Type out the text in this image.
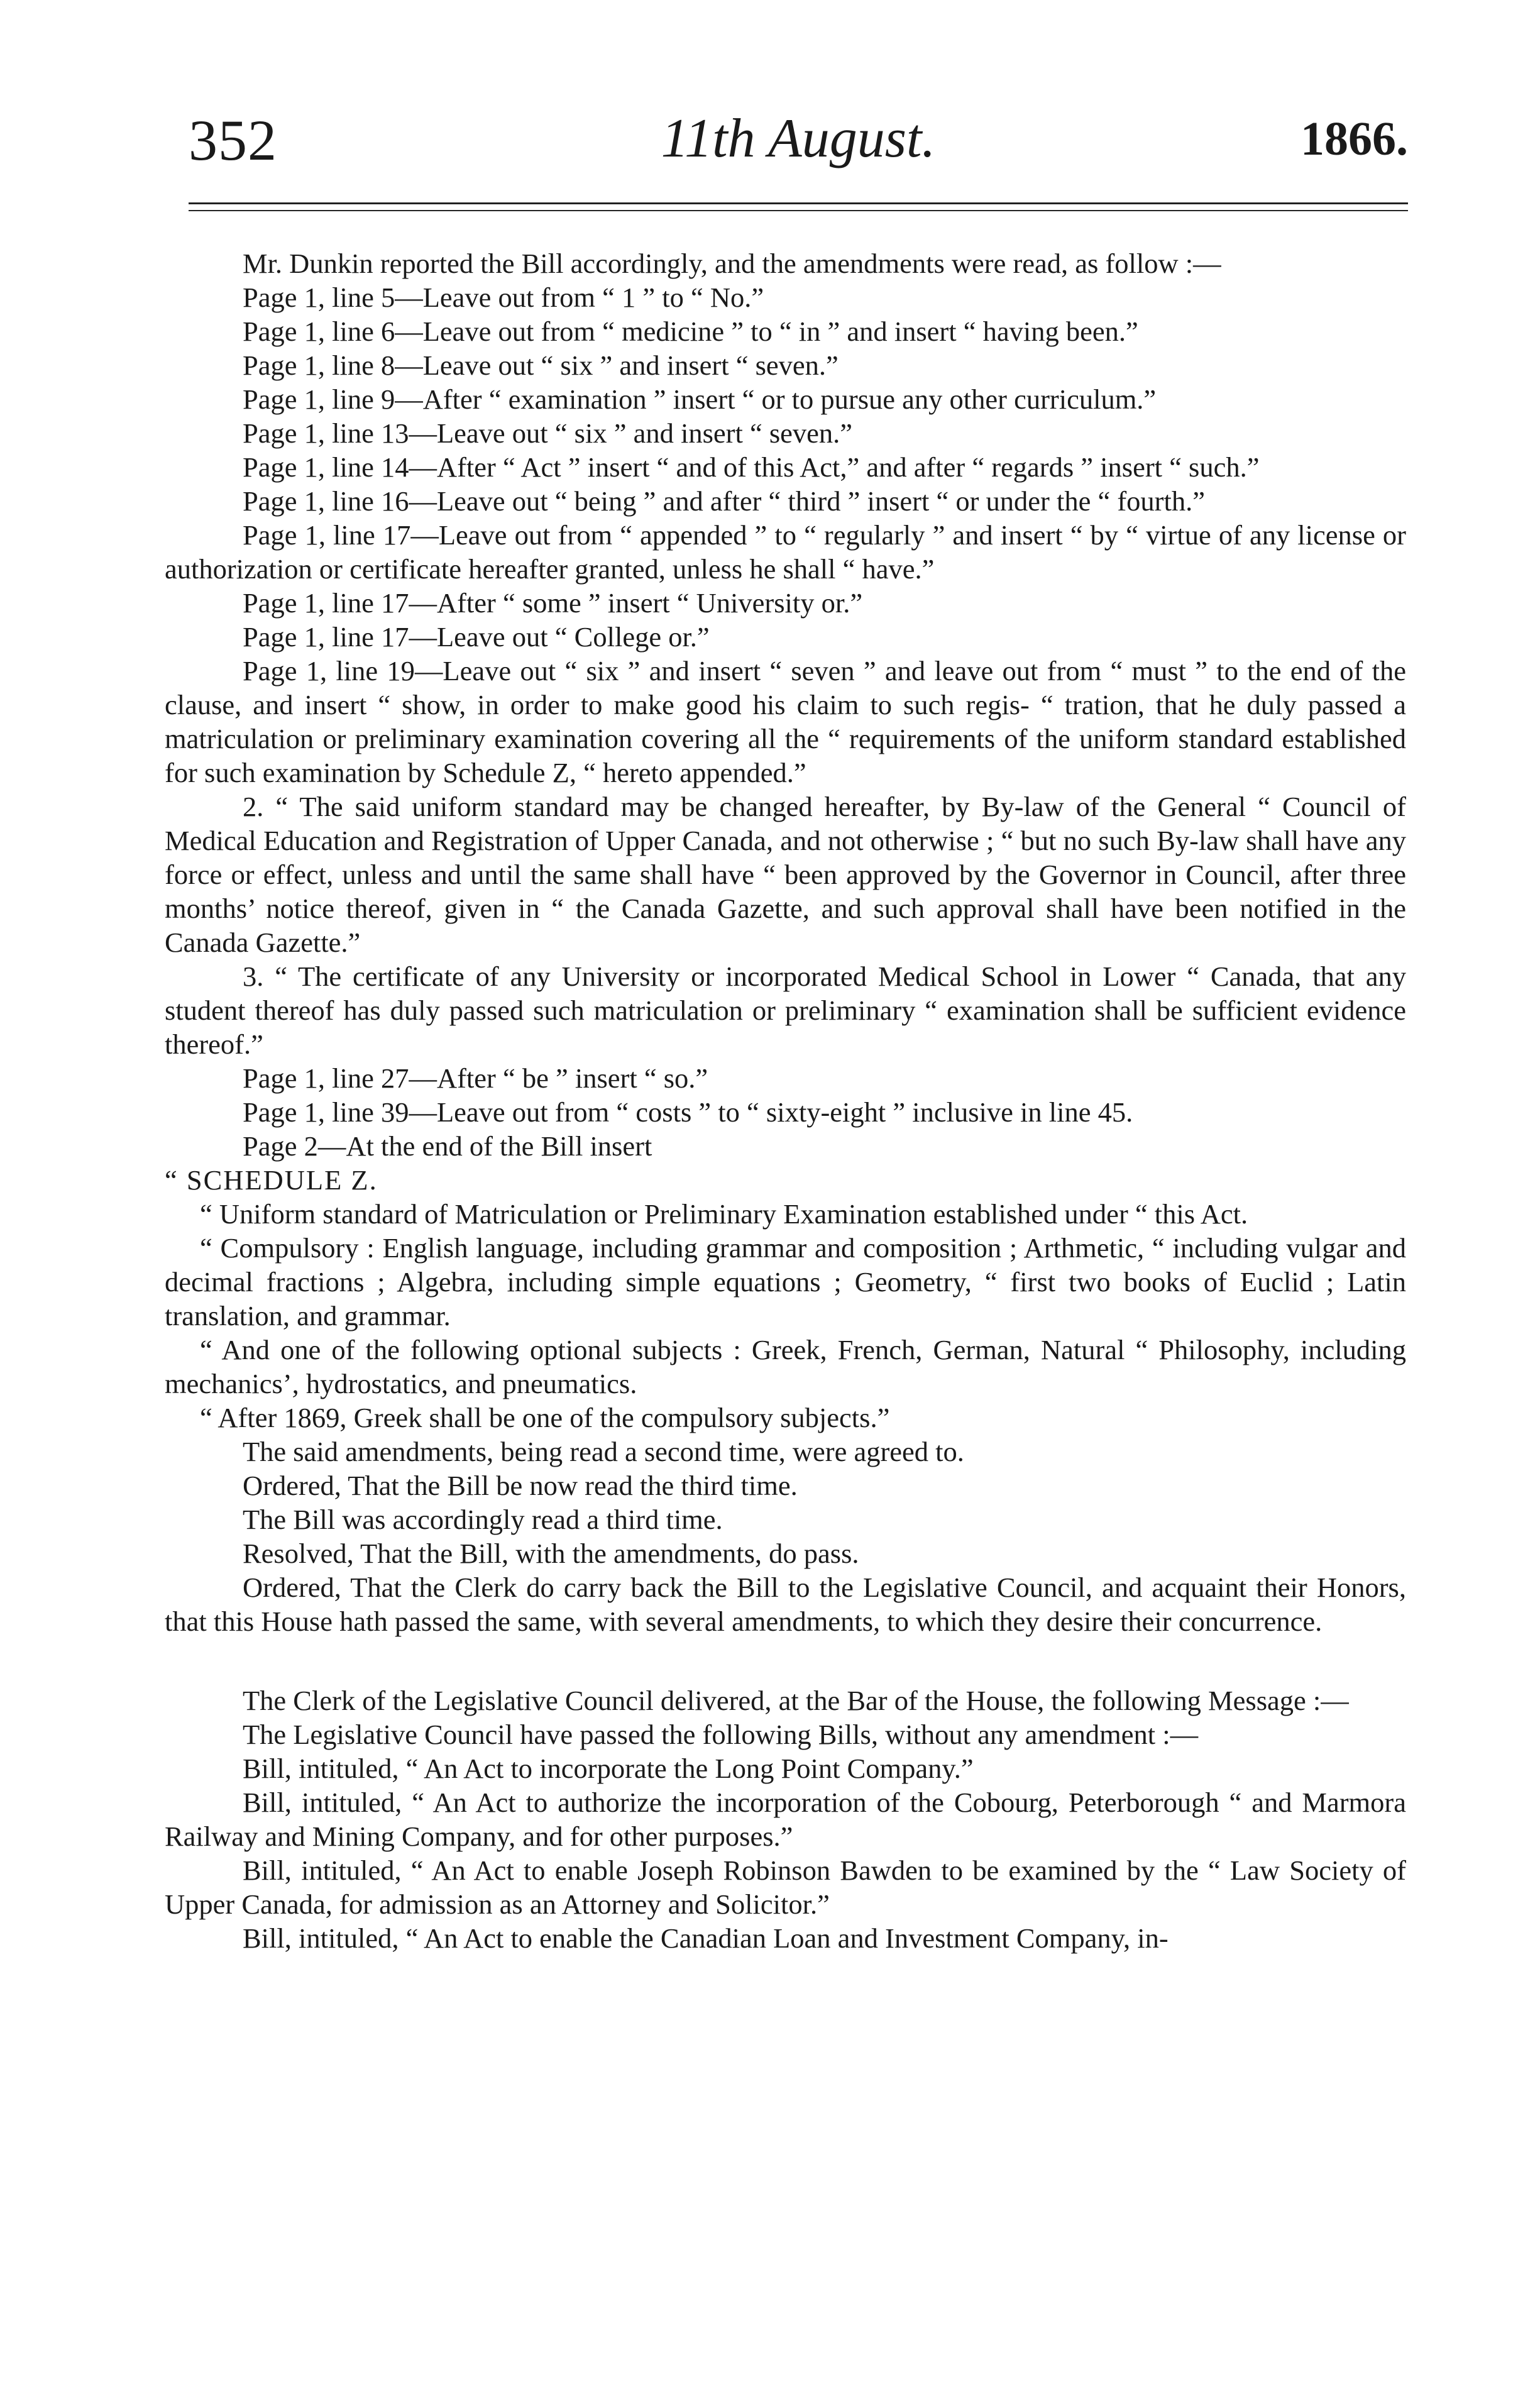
352	11th August.	1866.

Mr. Dunkin reported the Bill accordingly, and the amendments were read, as follow :—

Page 1, line 5—Leave out from “ 1 ” to “ No.”

Page 1, line 6—Leave out from “ medicine ” to “ in ” and insert “ having been.”

Page 1, line 8—Leave out “ six ” and insert “ seven.”

Page 1, line 9—After “ examination ” insert “ or to pursue any other curriculum.”

Page 1, line 13—Leave out “ six ” and insert “ seven.”

Page 1, line 14—After “ Act ” insert “ and of this Act,” and after “ regards ” insert “ such.”

Page 1, line 16—Leave out “ being ” and after “ third ” insert “ or under the “ fourth.”

Page 1, line 17—Leave out from “ appended ” to “ regularly ” and insert “ by “ virtue of any license or authorization or certificate hereafter granted, unless he shall “ have.”

Page 1, line 17—After “ some ” insert “ University or.”

Page 1, line 17—Leave out “ College or.”

Page 1, line 19—Leave out “ six ” and insert “ seven ” and leave out from “ must ” to the end of the clause, and insert “ show, in order to make good his claim to such regis- “ tration, that he duly passed a matriculation or preliminary examination covering all the “ requirements of the uniform standard established for such examination by Schedule Z, “ hereto appended.”

2. “ The said uniform standard may be changed hereafter, by By-law of the General “ Council of Medical Education and Registration of Upper Canada, and not otherwise ; “ but no such By-law shall have any force or effect, unless and until the same shall have “ been approved by the Governor in Council, after three months’ notice thereof, given in “ the Canada Gazette, and such approval shall have been notified in the Canada Gazette.”

3. “ The certificate of any University or incorporated Medical School in Lower “ Canada, that any student thereof has duly passed such matriculation or preliminary “ examination shall be sufficient evidence thereof.”

Page 1, line 27—After “ be ” insert “ so.”

Page 1, line 39—Leave out from “ costs ” to “ sixty-eight ” inclusive in line 45.

Page 2—At the end of the Bill insert

“ SCHEDULE Z.

“ Uniform standard of Matriculation or Preliminary Examination established under “ this Act.

“ Compulsory : English language, including grammar and composition ; Arthmetic, “ including vulgar and decimal fractions ; Algebra, including simple equations ; Geometry, “ first two books of Euclid ; Latin translation, and grammar.

“ And one of the following optional subjects : Greek, French, German, Natural “ Philosophy, including mechanics’, hydrostatics, and pneumatics.

“ After 1869, Greek shall be one of the compulsory subjects.”

The said amendments, being read a second time, were agreed to.

Ordered, That the Bill be now read the third time.

The Bill was accordingly read a third time.

Resolved, That the Bill, with the amendments, do pass.

Ordered, That the Clerk do carry back the Bill to the Legislative Council, and acquaint their Honors, that this House hath passed the same, with several amendments, to which they desire their concurrence.

The Clerk of the Legislative Council delivered, at the Bar of the House, the following Message :—

The Legislative Council have passed the following Bills, without any amendment :—

Bill, intituled, “ An Act to incorporate the Long Point Company.”

Bill, intituled, “ An Act to authorize the incorporation of the Cobourg, Peterborough “ and Marmora Railway and Mining Company, and for other purposes.”

Bill, intituled, “ An Act to enable Joseph Robinson Bawden to be examined by the “ Law Society of Upper Canada, for admission as an Attorney and Solicitor.”

Bill, intituled, “ An Act to enable the Canadian Loan and Investment Company, in-
